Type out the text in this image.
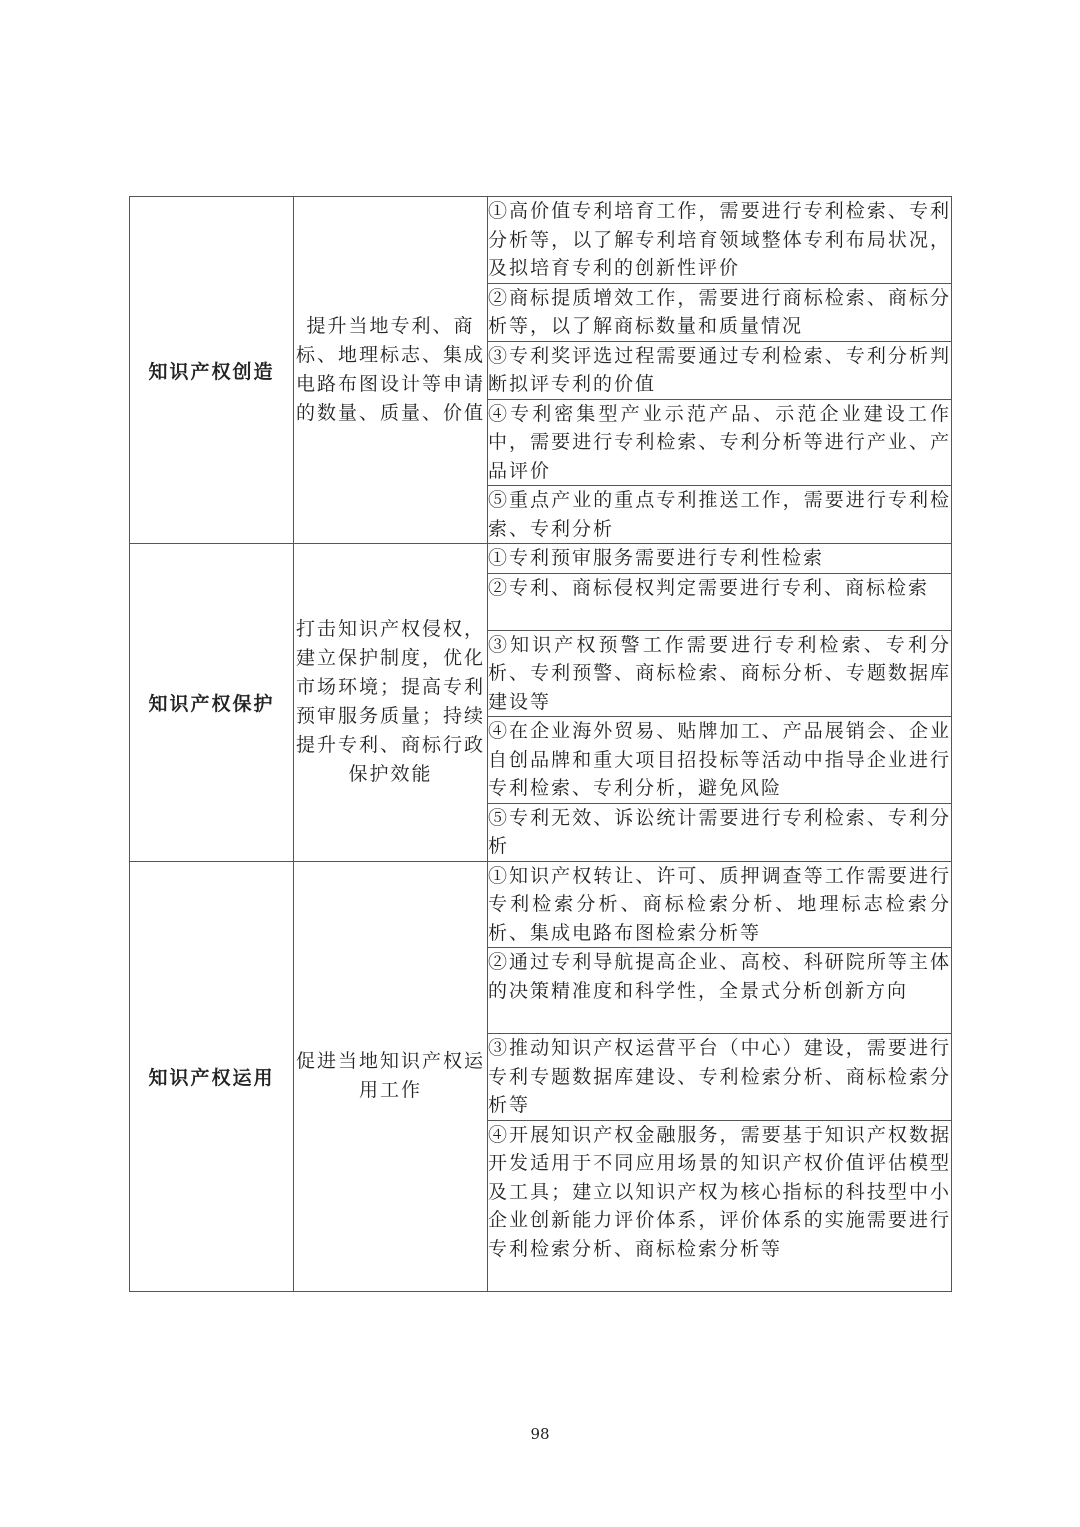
知识产权创造	提升当地专利、商标、地理标志、集成电路布图设计等申请的数量、质量、价值	①高价值专利培育工作，需要进行专利检索、专利分析等，以了解专利培育领域整体专利布局状况，及拟培育专利的创新性评价
		②商标提质增效工作，需要进行商标检索、商标分析等，以了解商标数量和质量情况
		③专利奖评选过程需要通过专利检索、专利分析判断拟评专利的价值
		④专利密集型产业示范产品、示范企业建设工作中，需要进行专利检索、专利分析等进行产业、产品评价
		⑤重点产业的重点专利推送工作，需要进行专利检索、专利分析
知识产权保护	打击知识产权侵权，建立保护制度，优化市场环境；提高专利预审服务质量；持续提升专利、商标行政保护效能	①专利预审服务需要进行专利性检索
		②专利、商标侵权判定需要进行专利、商标检索
		③知识产权预警工作需要进行专利检索、专利分析、专利预警、商标检索、商标分析、专题数据库建设等
		④在企业海外贸易、贴牌加工、产品展销会、企业自创品牌和重大项目招投标等活动中指导企业进行专利检索、专利分析，避免风险
		⑤专利无效、诉讼统计需要进行专利检索、专利分析
知识产权运用	促进当地知识产权运用工作	①知识产权转让、许可、质押调查等工作需要进行专利检索分析、商标检索分析、地理标志检索分析、集成电路布图检索分析等
		②通过专利导航提高企业、高校、科研院所等主体的决策精准度和科学性，全景式分析创新方向
		③推动知识产权运营平台（中心）建设，需要进行专利专题数据库建设、专利检索分析、商标检索分析等
		④开展知识产权金融服务，需要基于知识产权数据开发适用于不同应用场景的知识产权价值评估模型及工具；建立以知识产权为核心指标的科技型中小企业创新能力评价体系，评价体系的实施需要进行专利检索分析、商标检索分析等
98
